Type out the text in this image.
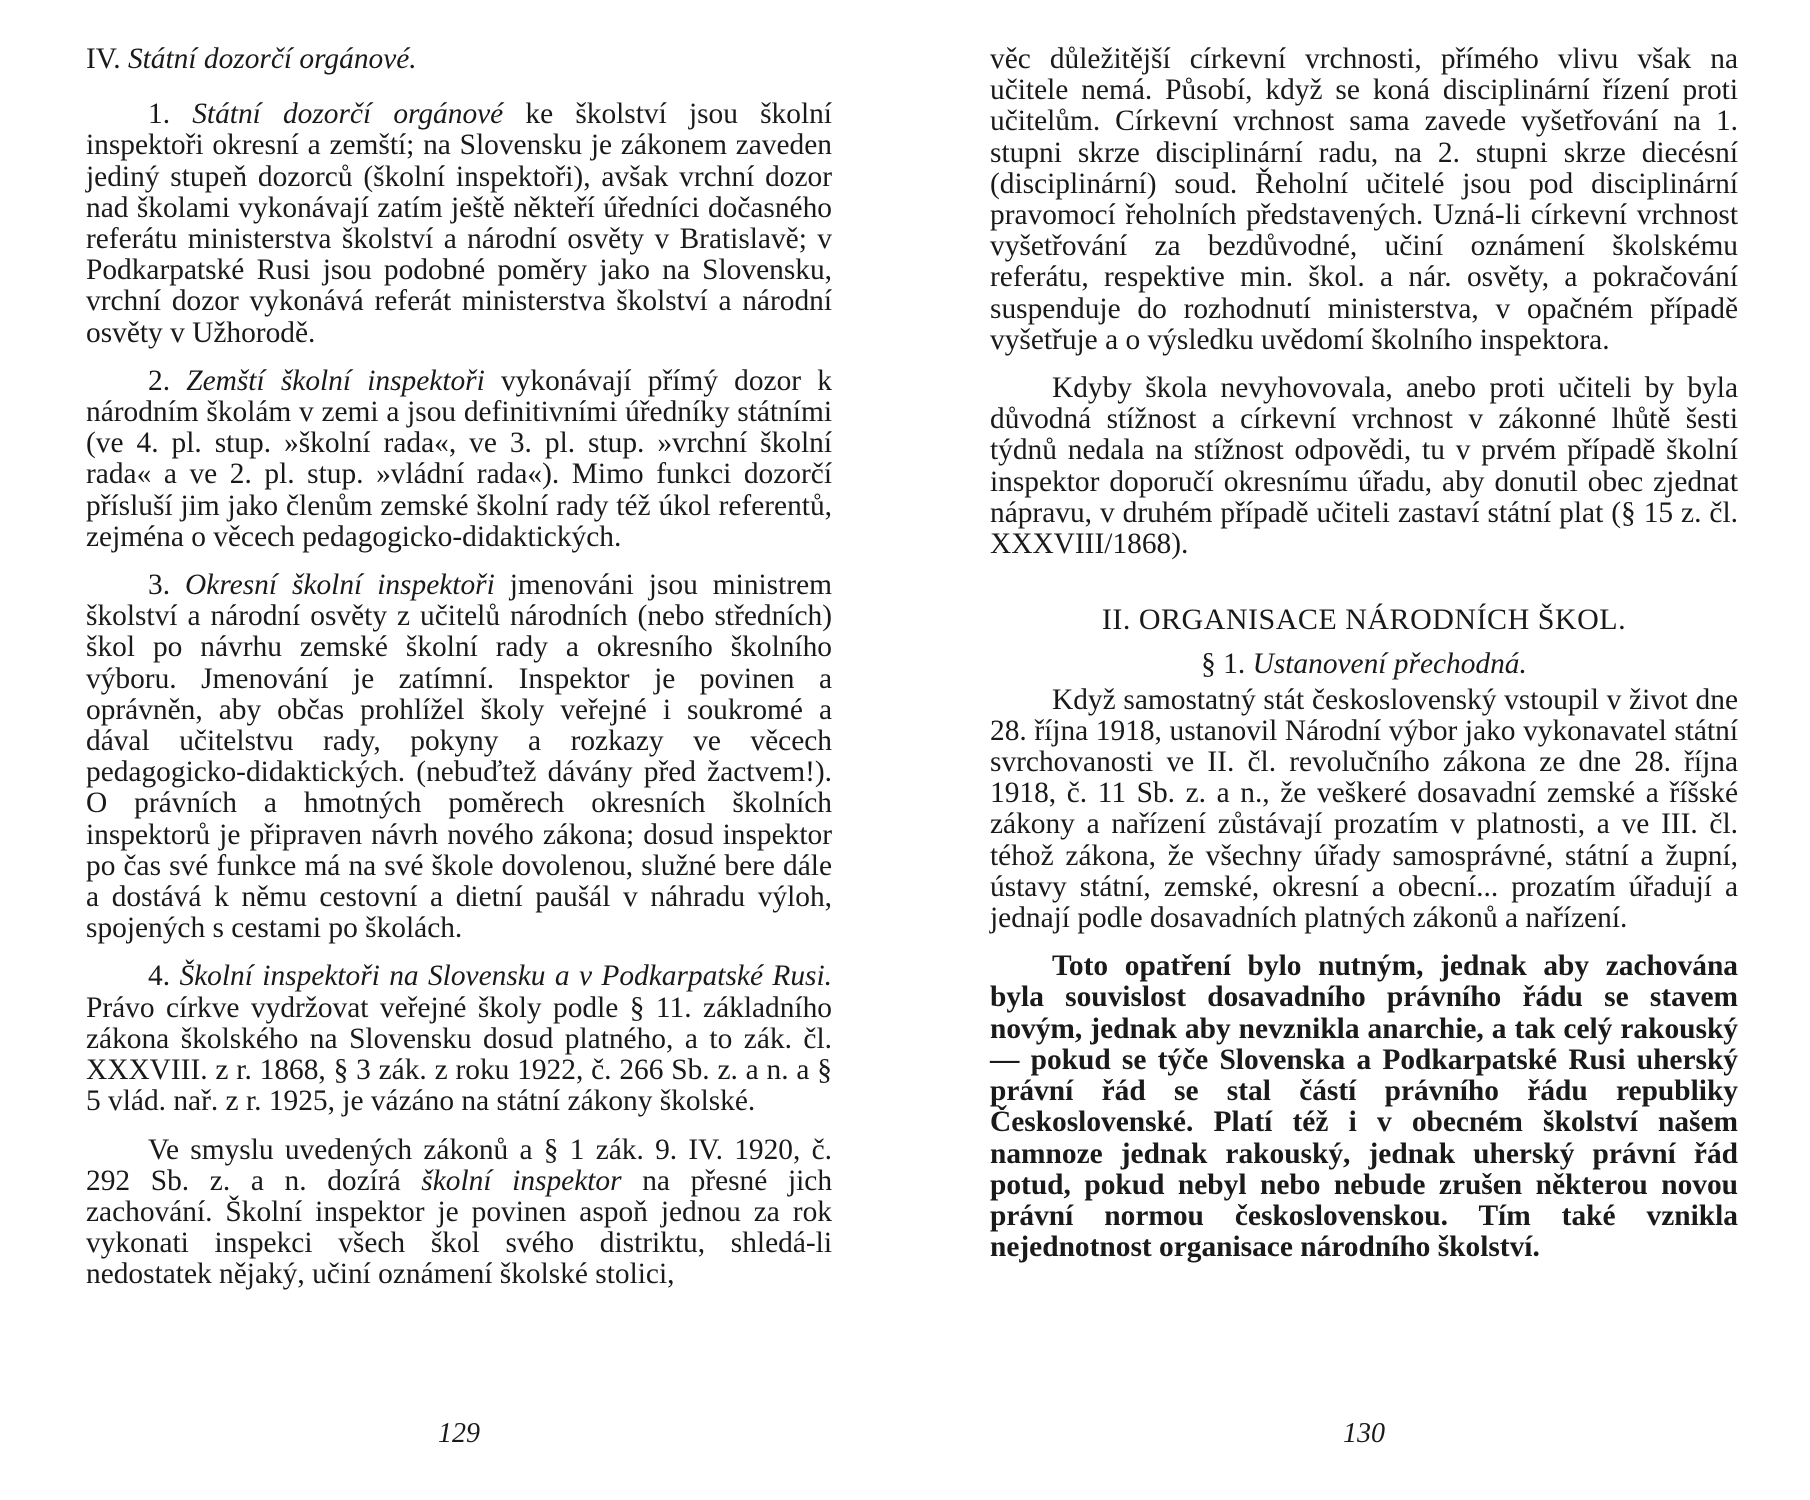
IV. Státní dozorčí orgánové.

1. Státní dozorčí orgánové ke školství jsou školní inspektoři okresní a zemští; na Slovensku je zákonem zaveden jediný stupeň dozorců (školní inspektoři), avšak vrchní dozor nad školami vykonávají zatím ještě někteří úředníci dočasného referátu ministerstva školství a národní osvěty v Bratislavě; v Podkarpatské Rusi jsou podobné poměry jako na Slovensku, vrchní dozor vykonává referát ministerstva školství a národní osvěty v Užhorodě.

2. Zemští školní inspektoři vykonávají přímý dozor k národním školám v zemi a jsou definitivními úředníky státními (ve 4. pl. stup. »školní rada«, ve 3. pl. stup. »vrchní školní rada« a ve 2. pl. stup. »vládní rada«). Mimo funkci dozorčí přísluší jim jako členům zemské školní rady též úkol referentů, zejména o věcech pedagogicko-didaktických.

3. Okresní školní inspektoři jmenováni jsou ministrem školství a národní osvěty z učitelů národních (nebo středních) škol po návrhu zemské školní rady a okresního školního výboru. Jmenování je zatímní. Inspektor je povinen a oprávněn, aby občas prohlížel školy veřejné i soukromé a dával učitelstvu rady, pokyny a rozkazy ve věcech pedagogicko-didaktických. (nebuďtež dávány před žactvem!). O právních a hmotných poměrech okresních školních inspektorů je připraven návrh nového zákona; dosud inspektor po čas své funkce má na své škole dovolenou, služné bere dále a dostává k němu cestovní a dietní paušál v náhradu výloh, spojených s cestami po školách.

4. Školní inspektoři na Slovensku a v Podkarpatské Rusi. Právo církve vydržovat veřejné školy podle § 11. základního zákona školského na Slovensku dosud platného, a to zák. čl. XXXVIII. z r. 1868, § 3 zák. z roku 1922, č. 266 Sb. z. a n. a § 5 vlád. nař. z r. 1925, je vázáno na státní zákony školské.

Ve smyslu uvedených zákonů a § 1 zák. 9. IV. 1920, č. 292 Sb. z. a n. dozírá školní inspektor na přesné jich zachování. Školní inspektor je povinen aspoň jednou za rok vykonati inspekci všech škol svého distriktu, shledá-li nedostatek nějaký, učiní oznámení školské stolici,

129

věc důležitější církevní vrchnosti, přímého vlivu však na učitele nemá. Působí, když se koná disciplinární řízení proti učitelům. Církevní vrchnost sama zavede vyšetřování na 1. stupni skrze disciplinární radu, na 2. stupni skrze diecésní (disciplinární) soud. Řeholní učitelé jsou pod disciplinární pravomocí řeholních představených. Uzná-li církevní vrchnost vyšetřování za bezdůvodné, učiní oznámení školskému referátu, respektive min. škol. a nár. osvěty, a pokračování suspenduje do rozhodnutí ministerstva, v opačném případě vyšetřuje a o výsledku uvědomí školního inspektora.

Kdyby škola nevyhovovala, anebo proti učiteli by byla důvodná stížnost a církevní vrchnost v zákonné lhůtě šesti týdnů nedala na stížnost odpovědi, tu v prvém případě školní inspektor doporučí okresnímu úřadu, aby donutil obec zjednat nápravu, v druhém případě učiteli zastaví státní plat (§ 15 z. čl. XXXVIII/1868).

II. ORGANISACE NÁRODNÍCH ŠKOL.

§ 1. Ustanovení přechodná.

Když samostatný stát československý vstoupil v život dne 28. října 1918, ustanovil Národní výbor jako vykonavatel státní svrchovanosti ve II. čl. revolučního zákona ze dne 28. října 1918, č. 11 Sb. z. a n., že veškeré dosavadní zemské a říšské zákony a nařízení zůstávají prozatím v platnosti, a ve III. čl. téhož zákona, že všechny úřady samosprávné, státní a župní, ústavy státní, zemské, okresní a obecní... prozatím úřadují a jednají podle dosavadních platných zákonů a nařízení.

Toto opatření bylo nutným, jednak aby zachována byla souvislost dosavadního právního řádu se stavem novým, jednak aby nevznikla anarchie, a tak celý rakouský — pokud se týče Slovenska a Podkarpatské Rusi uherský právní řád se stal částí právního řádu republiky Československé. Platí též i v obecném školství našem namnoze jednak rakouský, jednak uherský právní řád potud, pokud nebyl nebo nebude zrušen některou novou právní normou československou. Tím také vznikla nejednotnost organisace národního školství.

130
